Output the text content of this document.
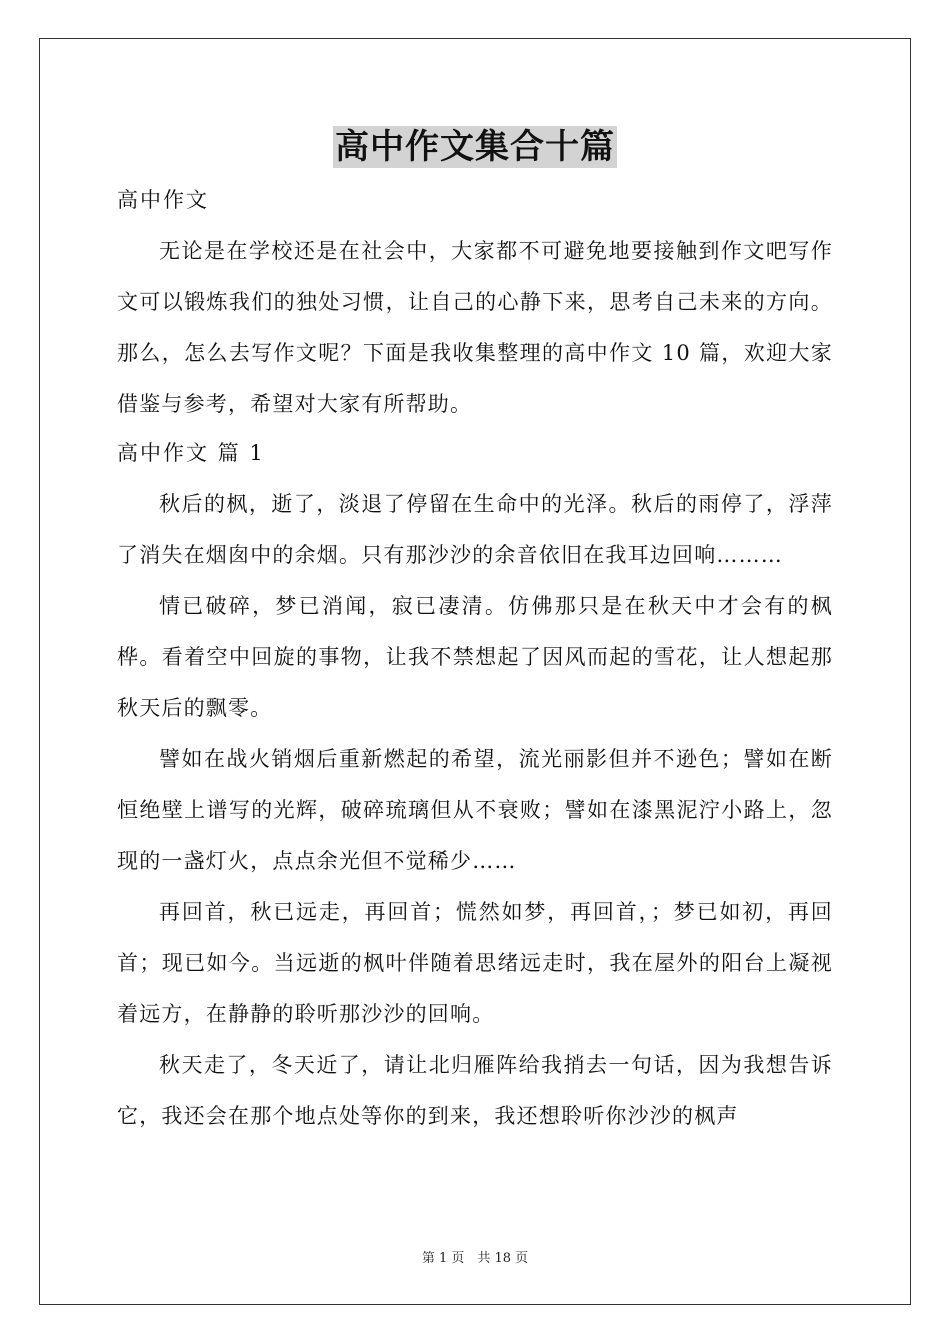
高中作文集合十篇
高中作文

无论是在学校还是在社会中，大家都不可避免地要接触到作文吧写作文可以锻炼我们的独处习惯，让自己的心静下来，思考自己未来的方向。那么，怎么去写作文呢？下面是我收集整理的高中作文 10 篇，欢迎大家借鉴与参考，希望对大家有所帮助。

高中作文 篇 1

秋后的枫，逝了，淡退了停留在生命中的光泽。秋后的雨停了，浮萍了消失在烟囱中的余烟。只有那沙沙的余音依旧在我耳边回响………

情已破碎，梦已消闻，寂已凄清。仿佛那只是在秋天中才会有的枫桦。看着空中回旋的事物，让我不禁想起了因风而起的雪花，让人想起那秋天后的飘零。

譬如在战火销烟后重新燃起的希望，流光丽影但并不逊色；譬如在断恒绝壁上谱写的光辉，破碎琉璃但从不衰败；譬如在漆黑泥泞小路上，忽现的一盏灯火，点点余光但不觉稀少……

再回首，秋已远走，再回首；慌然如梦，再回首，；梦已如初，再回首；现已如今。当远逝的枫叶伴随着思绪远走时，我在屋外的阳台上凝视着远方，在静静的聆听那沙沙的回响。

秋天走了，冬天近了，请让北归雁阵给我捎去一句话，因为我想告诉它，我还会在那个地点处等你的到来，我还想聆听你沙沙的枫声

第 1 页　共 18 页
